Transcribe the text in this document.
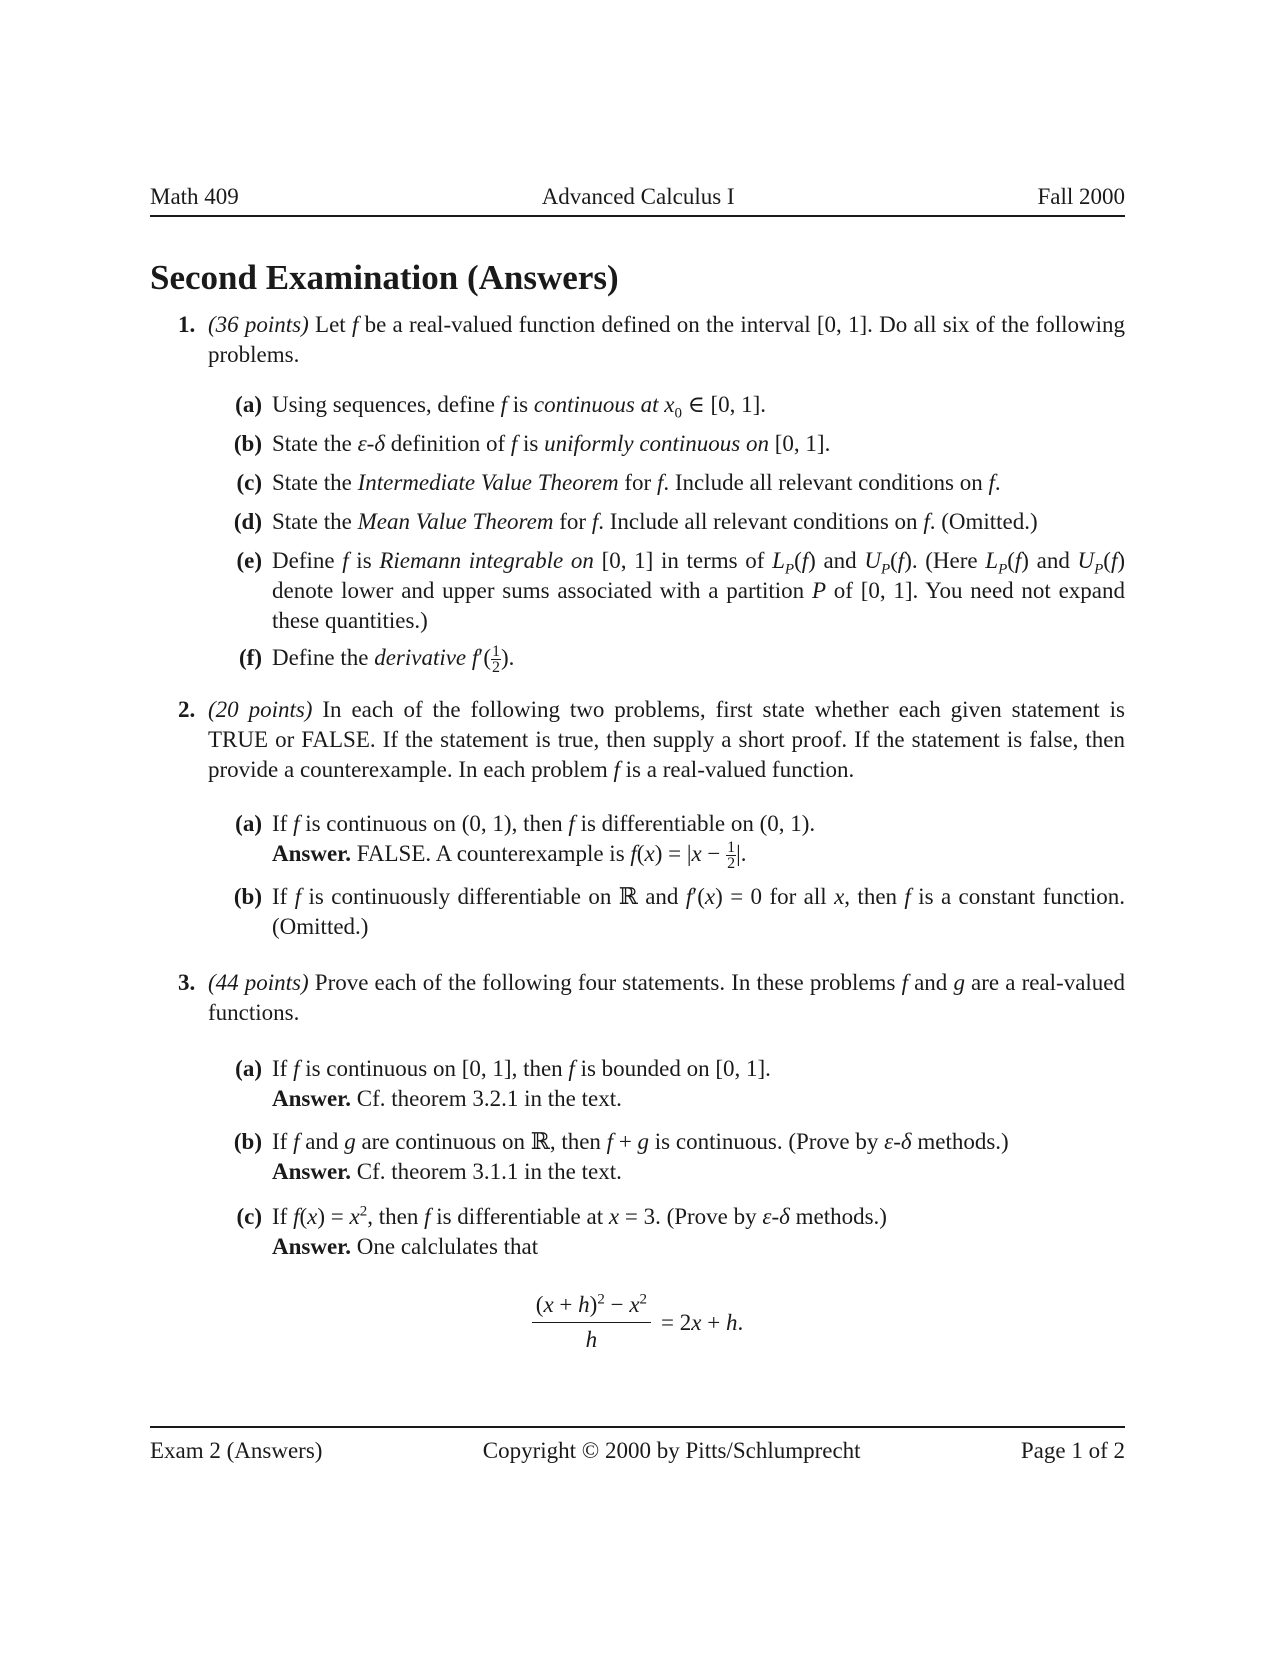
Math 409	Advanced Calculus I	Fall 2000
Second Examination (Answers)
1. (36 points) Let f be a real-valued function defined on the interval [0, 1]. Do all six of the following problems.
(a) Using sequences, define f is continuous at $x_0$ ∈ [0, 1].
(b) State the ε-δ definition of f is uniformly continuous on [0, 1].
(c) State the Intermediate Value Theorem for f. Include all relevant conditions on f.
(d) State the Mean Value Theorem for f. Include all relevant conditions on f. (Omitted.)
(e) Define f is Riemann integrable on [0, 1] in terms of $L_P(f)$ and $U_P(f)$. (Here $L_P(f)$ and $U_P(f)$ denote lower and upper sums associated with a partition P of [0, 1]. You need not expand these quantities.)
(f) Define the derivative $f'( \frac{1}{2}$ ).
2. (20 points) In each of the following two problems, first state whether each given statement is TRUE or FALSE. If the statement is true, then supply a short proof. If the statement is false, then provide a counterexample. In each problem f is a real-valued function.
(a) If f is continuous on (0, 1), then f is differentiable on (0, 1).
Answer. FALSE. A counterexample is $f(x) = |x - \frac{1}{2}$ |.
(b) If f is continuously differentiable on ℝ and f′(x) = 0 for all x, then f is a constant function. (Omitted.)
3. (44 points) Prove each of the following four statements. In these problems f and g are a real-valued functions.
(a) If f is continuous on [0, 1], then f is bounded on [0, 1].
Answer. Cf. theorem 3.2.1 in the text.
(b) If f and g are continuous on ℝ, then f + g is continuous. (Prove by ε-δ methods.)
Answer. Cf. theorem 3.1.1 in the text.
(c) If $f(x) = x^2$, then f is differentiable at x = 3. (Prove by ε-δ methods.)
Answer. One calclulates that
$\frac{(x + h)^2 - x^2}{h} = 2x + h$.
Exam 2 (Answers)	Copyright © 2000 by Pitts/Schlumprecht	Page 1 of 2
